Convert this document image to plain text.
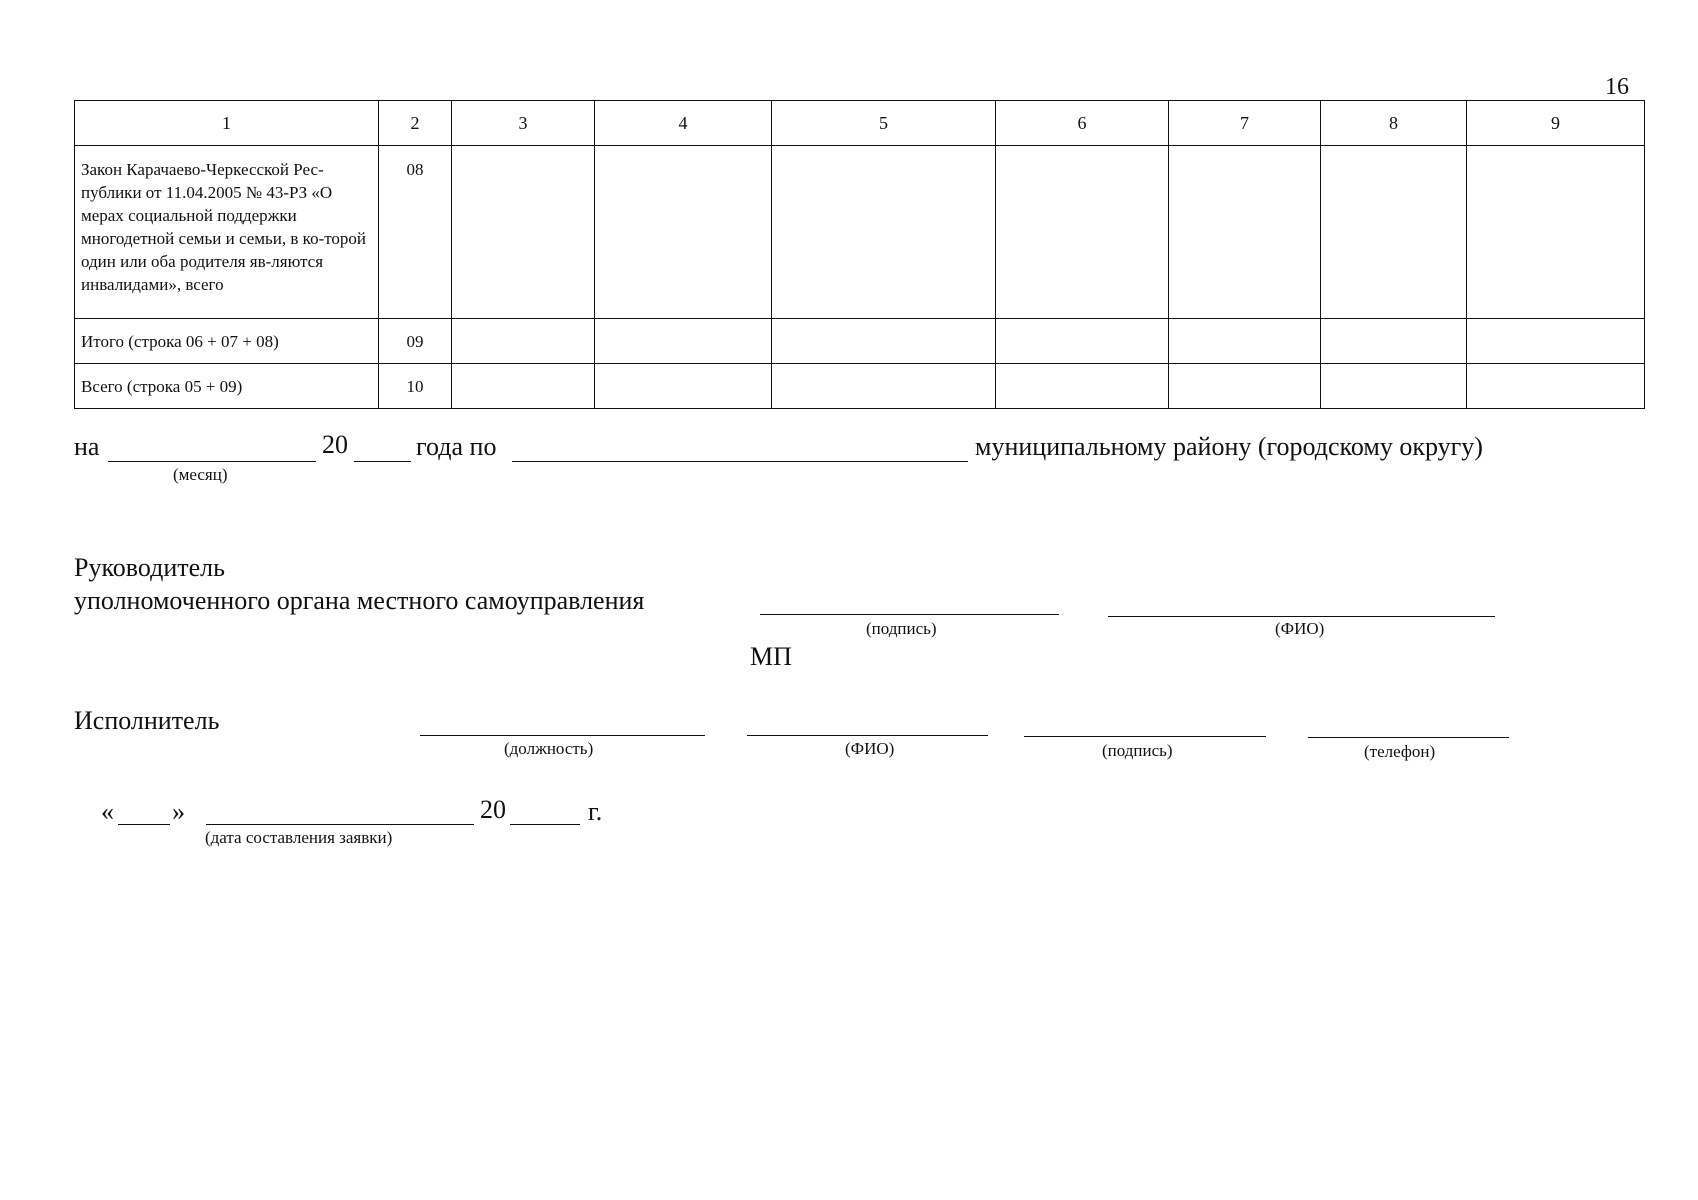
16
1	2	3	4	5	6	7	8	9
Закон Карачаево-Черкесской Рес-публики от 11.04.2005 № 43-РЗ «О мерах социальной поддержки многодетной семьи и семьи, в ко-торой один или оба родителя яв-ляются инвалидами», всего	08							
Итого (строка 06 + 07 + 08)	09							
Всего (строка 05 + 09)	10							
на
(месяц)
20	года по	муниципальному району (городскому округу)
Руководитель
уполномоченного органа местного самоуправления
(подпись)	(ФИО)
МП
Исполнитель
(должность)	(ФИО)	(подпись)	(телефон)
« »
(дата составления заявки)
20	г.
